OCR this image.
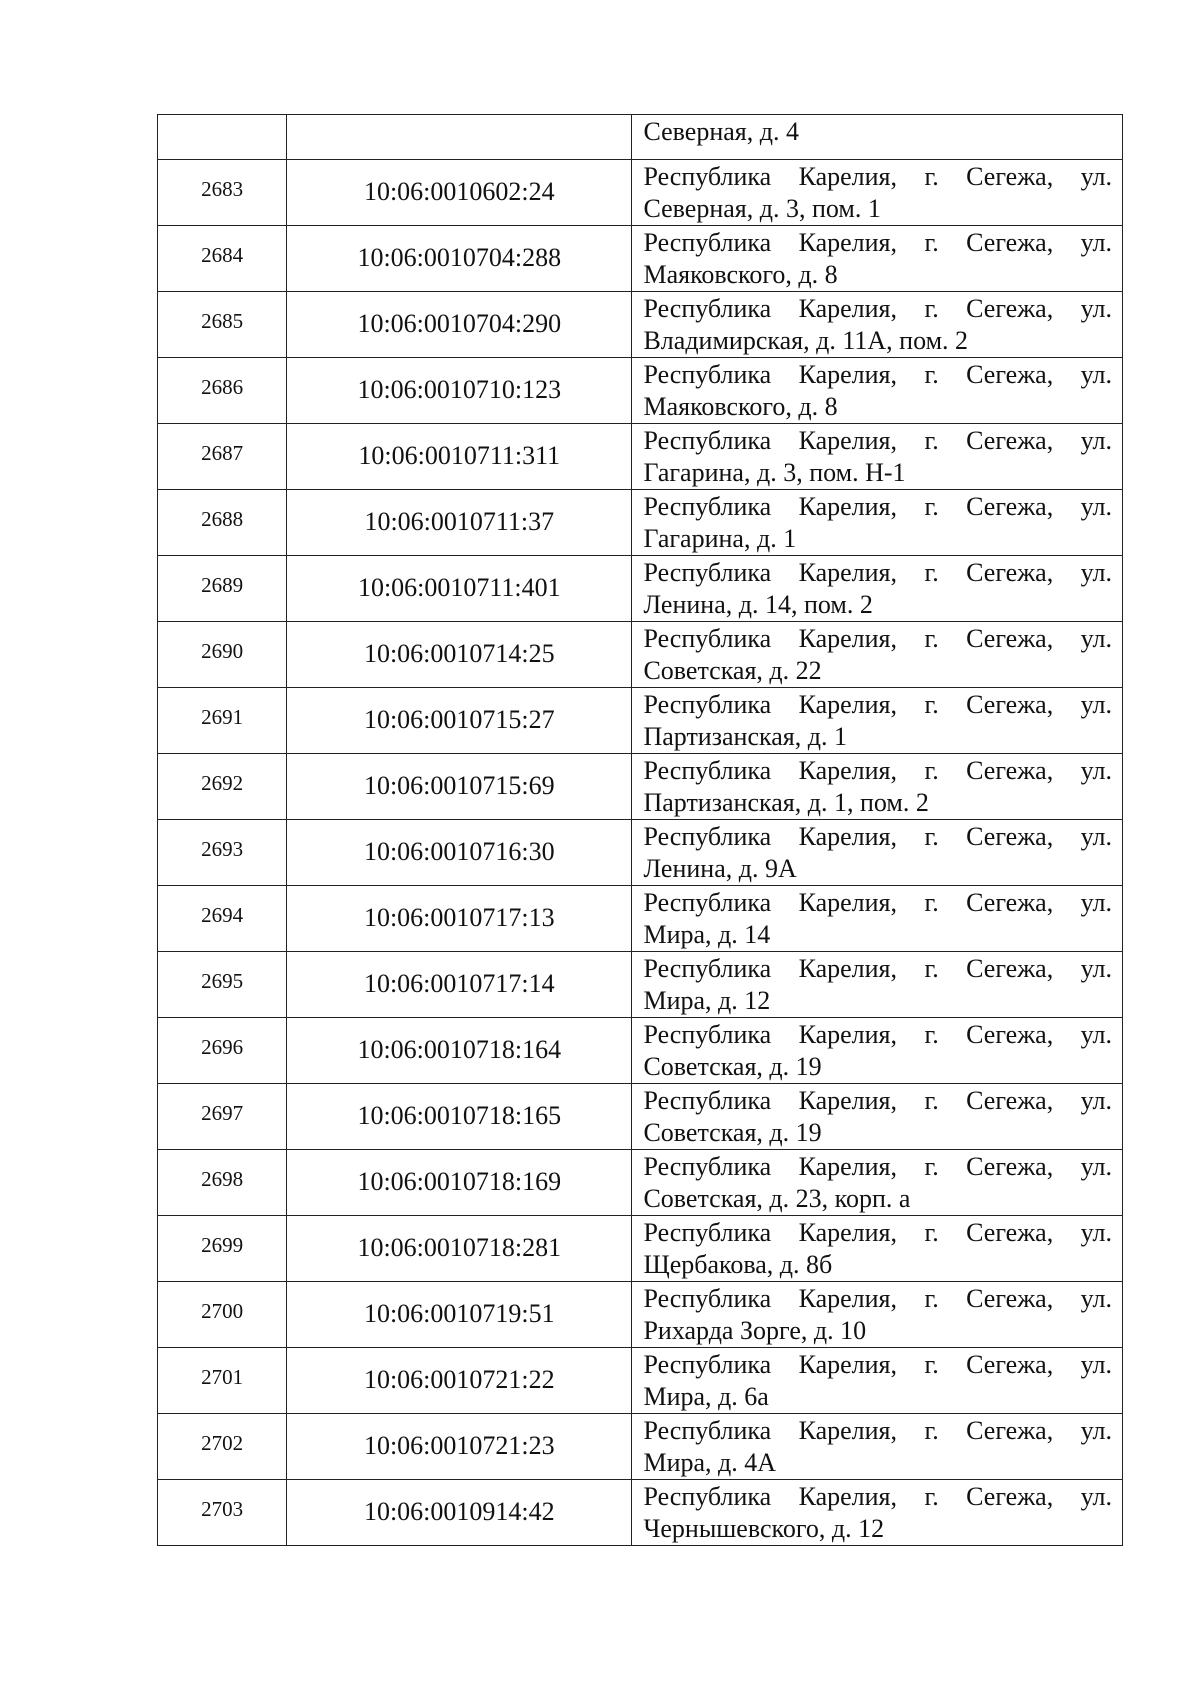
		Северная, д. 4

2683	10:06:0010602:24	Республика Карелия, г. Сегежа, ул.
Северная, д. 3, пом. 1

2684	10:06:0010704:288	Республика Карелия, г. Сегежа, ул.
Маяковского, д. 8

2685	10:06:0010704:290	Республика Карелия, г. Сегежа, ул.
Владимирская, д. 11А, пом. 2

2686	10:06:0010710:123	Республика Карелия, г. Сегежа, ул.
Маяковского, д. 8

2687	10:06:0010711:311	Республика Карелия, г. Сегежа, ул.
Гагарина, д. 3, пом. Н-1

2688	10:06:0010711:37	Республика Карелия, г. Сегежа, ул.
Гагарина, д. 1

2689	10:06:0010711:401	Республика Карелия, г. Сегежа, ул.
Ленина, д. 14, пом. 2

2690	10:06:0010714:25	Республика Карелия, г. Сегежа, ул.
Советская, д. 22

2691	10:06:0010715:27	Республика Карелия, г. Сегежа, ул.
Партизанская, д. 1

2692	10:06:0010715:69	Республика Карелия, г. Сегежа, ул.
Партизанская, д. 1, пом. 2

2693	10:06:0010716:30	Республика Карелия, г. Сегежа, ул.
Ленина, д. 9А

2694	10:06:0010717:13	Республика Карелия, г. Сегежа, ул.
Мира, д. 14

2695	10:06:0010717:14	Республика Карелия, г. Сегежа, ул.
Мира, д. 12

2696	10:06:0010718:164	Республика Карелия, г. Сегежа, ул.
Советская, д. 19

2697	10:06:0010718:165	Республика Карелия, г. Сегежа, ул.
Советская, д. 19

2698	10:06:0010718:169	Республика Карелия, г. Сегежа, ул.
Советская, д. 23, корп. а

2699	10:06:0010718:281	Республика Карелия, г. Сегежа, ул.
Щербакова, д. 8б

2700	10:06:0010719:51	Республика Карелия, г. Сегежа, ул.
Рихарда Зорге, д. 10

2701	10:06:0010721:22	Республика Карелия, г. Сегежа, ул.
Мира, д. 6а

2702	10:06:0010721:23	Республика Карелия, г. Сегежа, ул.
Мира, д. 4А

2703	10:06:0010914:42	Республика Карелия, г. Сегежа, ул.
Чернышевского, д. 12
